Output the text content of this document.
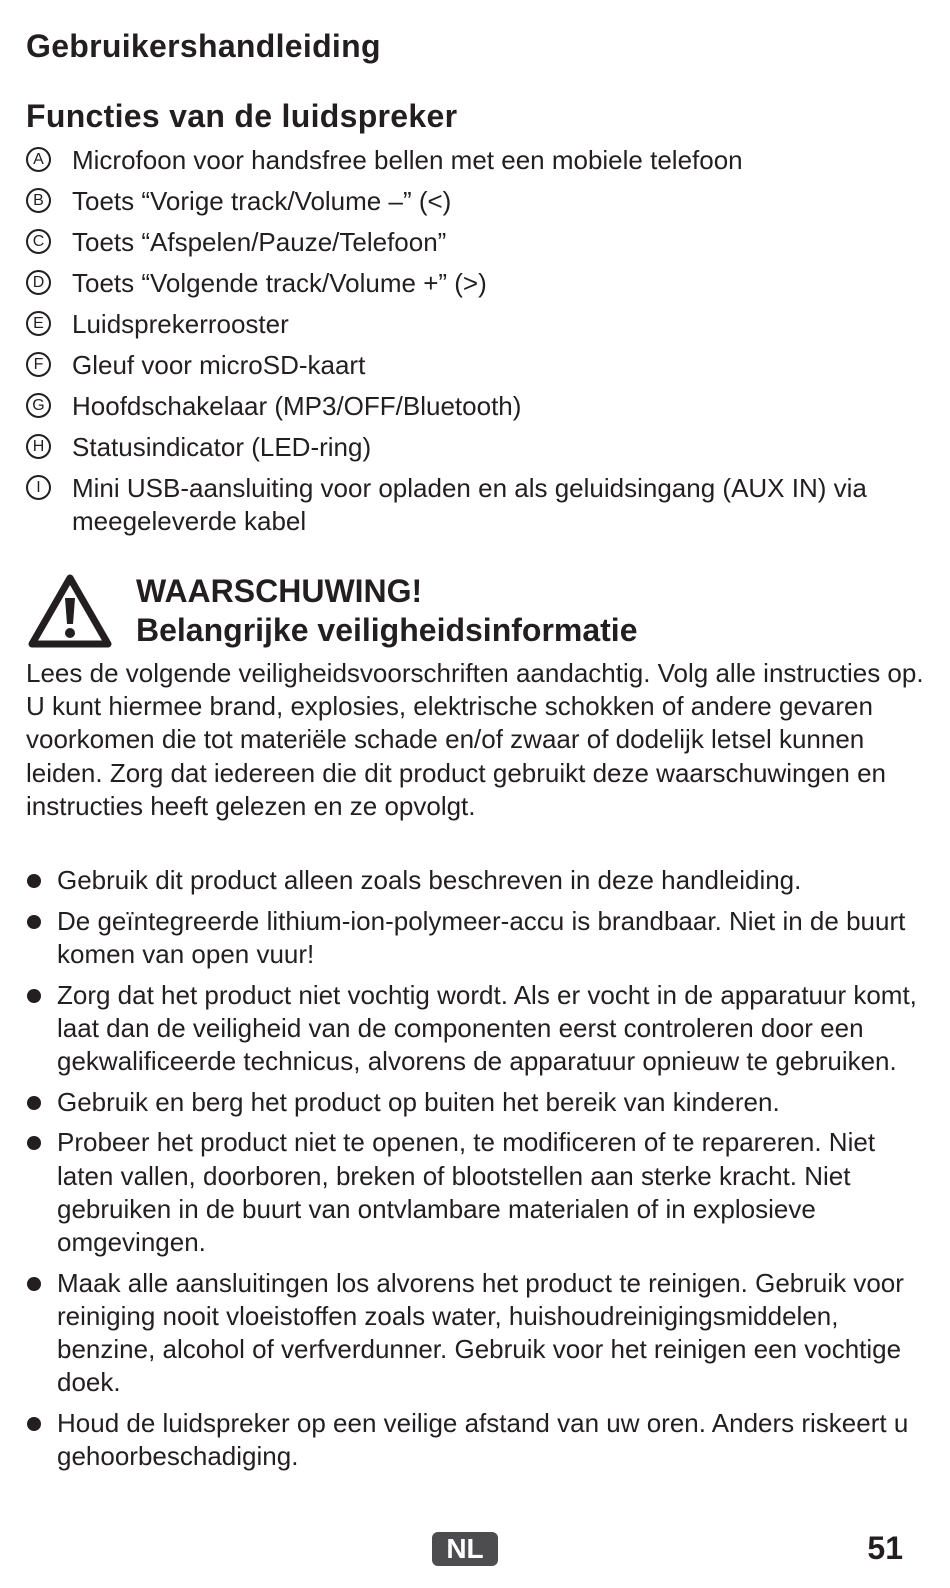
Gebruikershandleiding
Functies van de luidspreker
A Microfoon voor handsfree bellen met een mobiele telefoon
B Toets “Vorige track/Volume –” (<)
C Toets “Afspelen/Pauze/Telefoon”
D Toets “Volgende track/Volume +” (>)
E Luidsprekerrooster
F Gleuf voor microSD-kaart
G Hoofdschakelaar (MP3/OFF/Bluetooth)
H Statusindicator (LED-ring)
I	Mini USB-aansluiting voor opladen en als geluidsingang (AUX IN) via meegeleverde kabel
WAARSCHUWING!
Belangrijke veiligheidsinformatie

Lees de volgende veiligheidsvoorschriften aandachtig. Volg alle instructies op. U kunt hiermee brand, explosies, elektrische schokken of andere gevaren voorkomen die tot materiële schade en/of zwaar of dodelijk letsel kunnen leiden. Zorg dat iedereen die dit product gebruikt deze waarschuwingen en instructies heeft gelezen en ze opvolgt.

Gebruik dit product alleen zoals beschreven in deze handleiding.
De geïntegreerde lithium-ion-polymeer-accu is brandbaar. Niet in de buurt komen van open vuur!
Zorg dat het product niet vochtig wordt. Als er vocht in de apparatuur komt, laat dan de veiligheid van de componenten eerst controleren door een gekwalificeerde technicus, alvorens de apparatuur opnieuw te gebruiken.
Gebruik en berg het product op buiten het bereik van kinderen.
Probeer het product niet te openen, te modificeren of te repareren. Niet laten vallen, doorboren, breken of blootstellen aan sterke kracht. Niet gebruiken in de buurt van ontvlambare materialen of in explosieve omgevingen.
Maak alle aansluitingen los alvorens het product te reinigen. Gebruik voor reiniging nooit vloeistoffen zoals water, huishoudreinigingsmiddelen, benzine, alcohol of verfverdunner. Gebruik voor het reinigen een vochtige doek.
Houd de luidspreker op een veilige afstand van uw oren. Anders riskeert u gehoorbeschadiging.
NL	51
